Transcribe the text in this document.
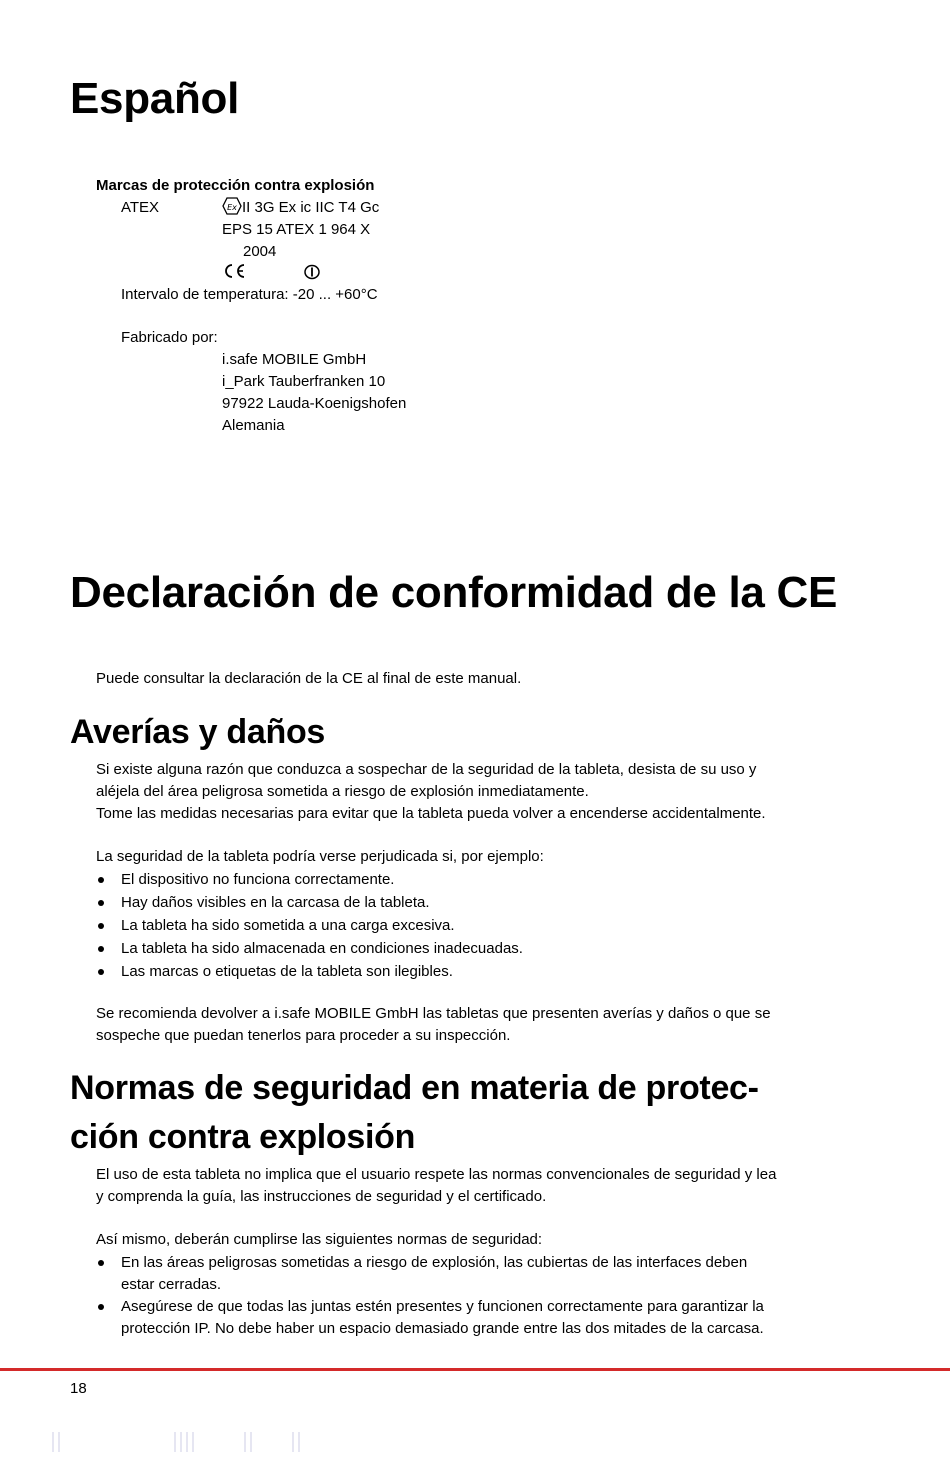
Español
Marcas de protección contra explosión
ATEX	Ex II 3G Ex ic IIC T4 Gc
EPS 15 ATEX 1 964 X
2004
Intervalo de temperatura: -20 ... +60°C
Fabricado por:
i.safe MOBILE GmbH
i_Park Tauberfranken 10
97922 Lauda-Koenigshofen
Alemania
Declaración de conformidad de la CE
Puede consultar la declaración de la CE al final de este manual.
Averías y daños
Si existe alguna razón que conduzca a sospechar de la seguridad de la tableta, desista de su uso y
aléjela del área peligrosa sometida a riesgo de explosión inmediatamente.
Tome las medidas necesarias para evitar que la tableta pueda volver a encenderse accidentalmente.
La seguridad de la tableta podría verse perjudicada si, por ejemplo:
El dispositivo no funciona correctamente.
Hay daños visibles en la carcasa de la tableta.
La tableta ha sido sometida a una carga excesiva.
La tableta ha sido almacenada en condiciones inadecuadas.
Las marcas o etiquetas de la tableta son ilegibles.
Se recomienda devolver a i.safe MOBILE GmbH las tabletas que presenten averías y daños o que se
sospeche que puedan tenerlos para proceder a su inspección.
Normas de seguridad en materia de protec-
ción contra explosión
El uso de esta tableta no implica que el usuario respete las normas convencionales de seguridad y lea
y comprenda la guía, las instrucciones de seguridad y el certificado.
Así mismo, deberán cumplirse las siguientes normas de seguridad:
En las áreas peligrosas sometidas a riesgo de explosión, las cubiertas de las interfaces deben
estar cerradas.
Asegúrese de que todas las juntas estén presentes y funcionen correctamente para garantizar la
protección IP. No debe haber un espacio demasiado grande entre las dos mitades de la carcasa.
18
